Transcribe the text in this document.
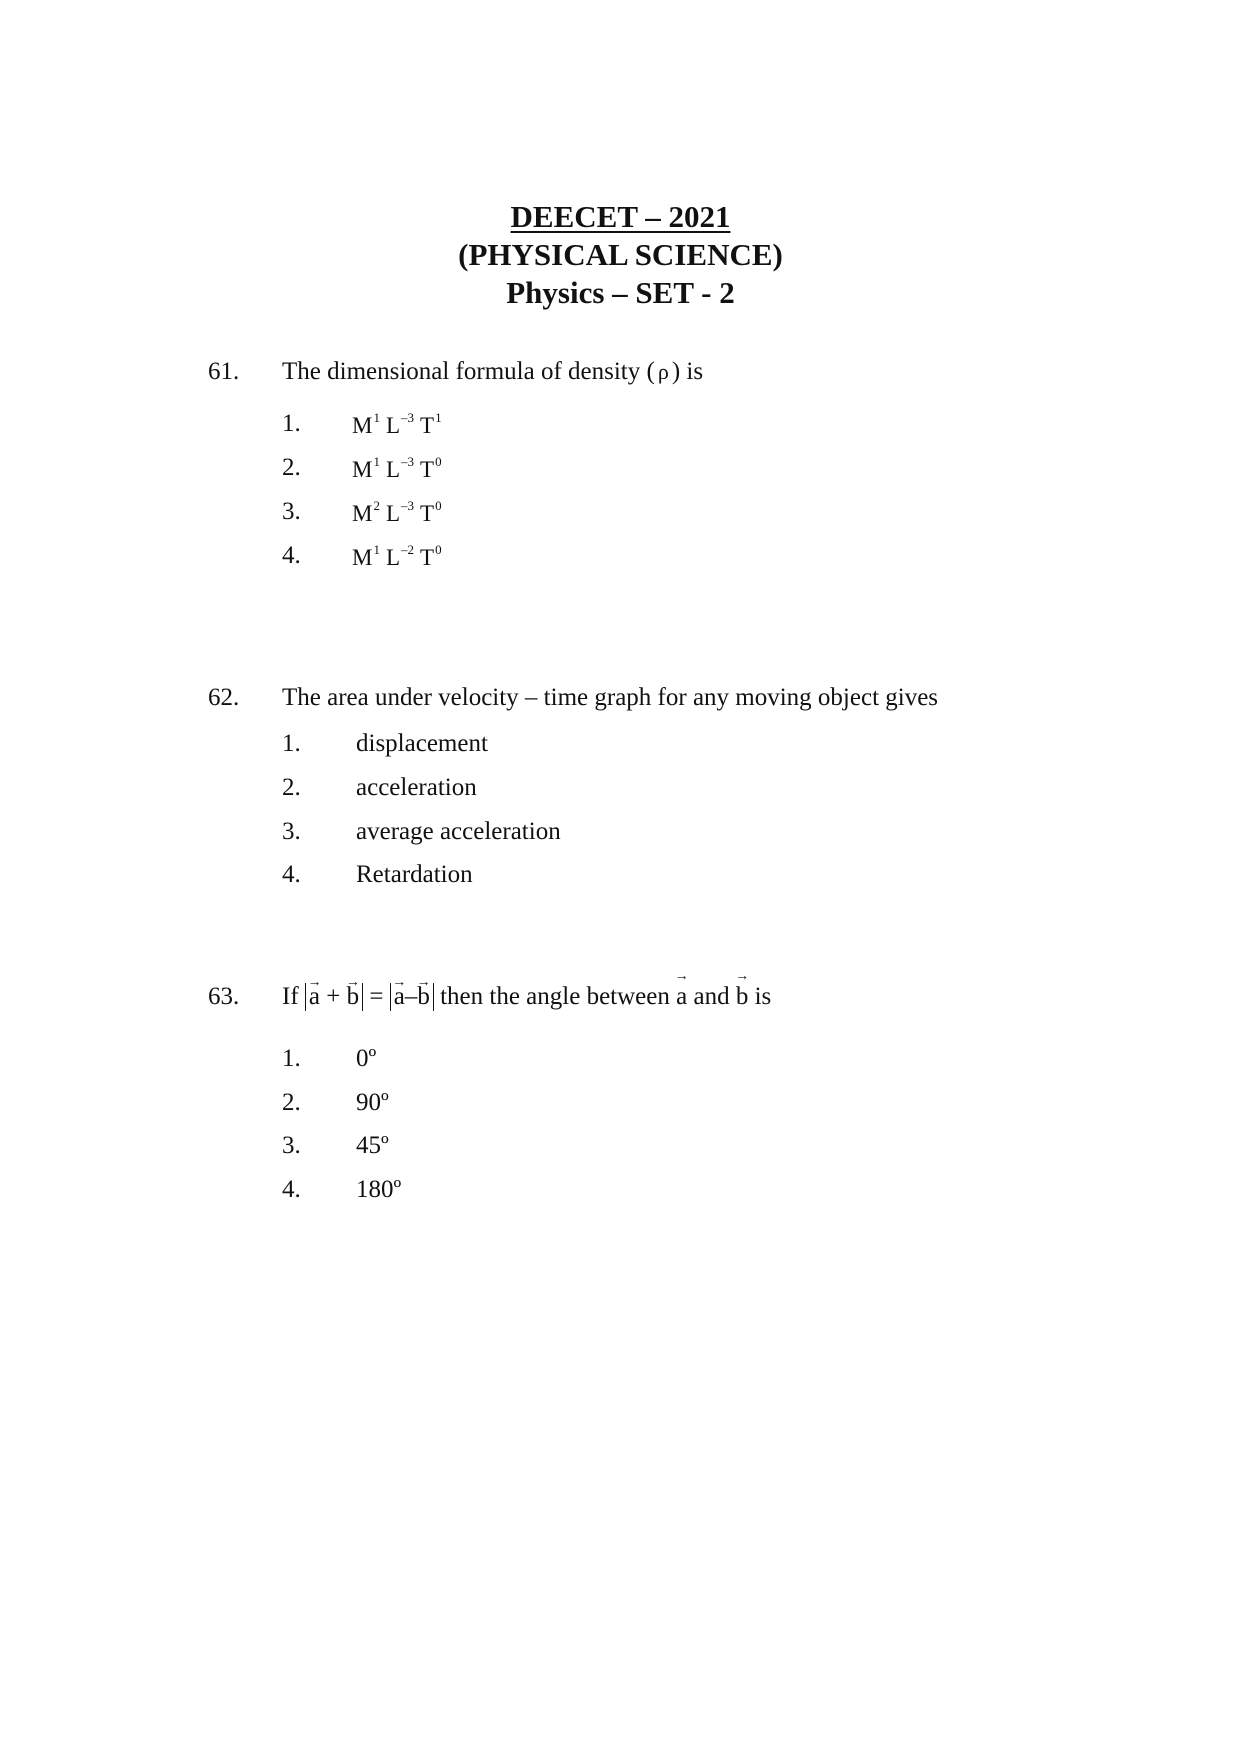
DEECET – 2021
(PHYSICAL SCIENCE)
Physics – SET - 2
61. The dimensional formula of density ( ρ ) is
1. $M^1$ $L^{-3}$ $T^1$
2. $M^1$ $L^{-3}$ $T^0$
3. $M^2$ $L^{-3}$ $T^0$
4. $M^1$ $L^{-2}$ $T^0$
62. The area under velocity – time graph for any moving object gives
1. displacement
2. acceleration
3. average acceleration
4. Retardation
63. If → a + → b = → a–→ b then the angle between → a and → b is
1. 0º
2. 90º
3. 45º
4. 180º
